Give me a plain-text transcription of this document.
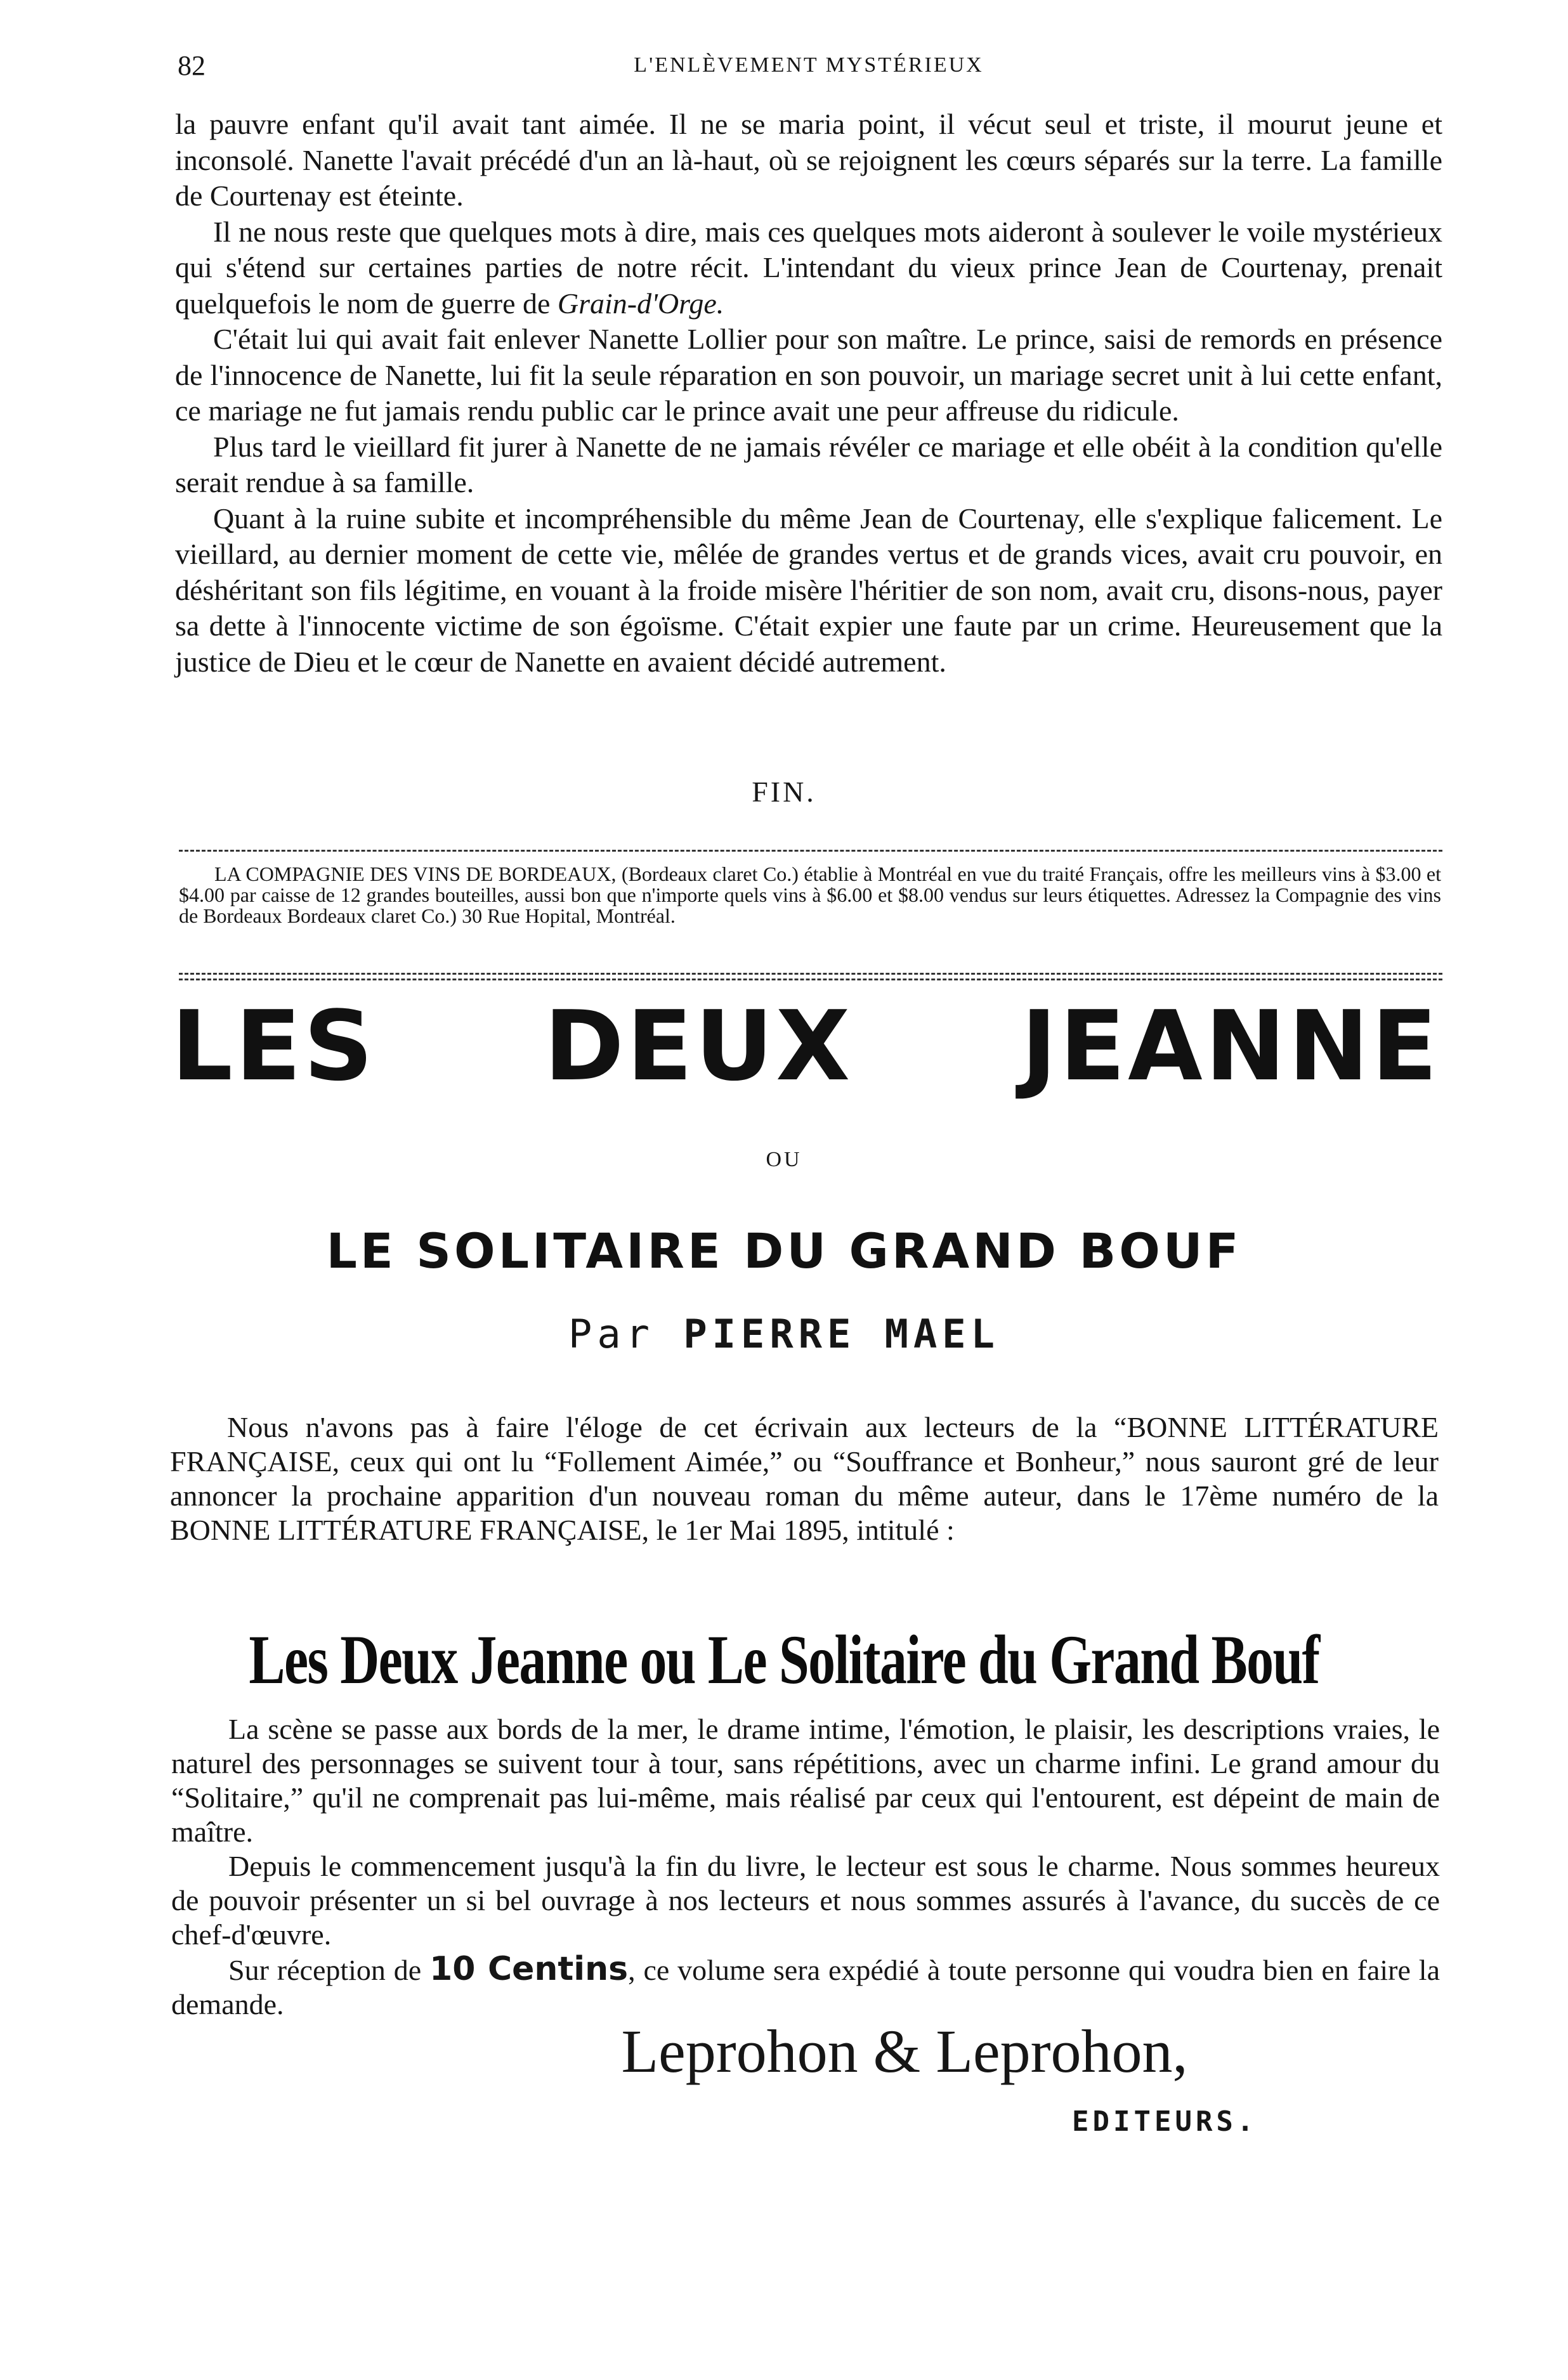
82	L'ENLÈVEMENT MYSTÉRIEUX

la pauvre enfant qu'il avait tant aimée. Il ne se maria point, il vécut seul et triste, il mourut jeune et inconsolé. Nanette l'avait précédé d'un an là-haut, où se rejoignent les cœurs séparés sur la terre. La famille de Courtenay est éteinte.

Il ne nous reste que quelques mots à dire, mais ces quelques mots aideront à soulever le voile mystérieux qui s'étend sur certaines parties de notre récit. L'intendant du vieux prince Jean de Courtenay, prenait quelquefois le nom de guerre de Grain-d'Orge.

C'était lui qui avait fait enlever Nanette Lollier pour son maître. Le prince, saisi de remords en présence de l'innocence de Nanette, lui fit la seule réparation en son pouvoir, un mariage secret unit à lui cette enfant, ce mariage ne fut jamais rendu public car le prince avait une peur affreuse du ridicule.

Plus tard le vieillard fit jurer à Nanette de ne jamais révéler ce mariage et elle obéit à la condition qu'elle serait rendue à sa famille.

Quant à la ruine subite et incompréhensible du même Jean de Courtenay, elle s'explique falicement. Le vieillard, au dernier moment de cette vie, mêlée de grandes vertus et de grands vices, avait cru pouvoir, en déshéritant son fils légitime, en vouant à la froide misère l'héritier de son nom, avait cru, disons-nous, payer sa dette à l'innocente victime de son égoïsme. C'était expier une faute par un crime. Heureusement que la justice de Dieu et le cœur de Nanette en avaient décidé autrement.

FIN.

LA COMPAGNIE DES VINS DE BORDEAUX, (Bordeaux claret Co.) établie à Montréal en vue du traité Français, offre les meilleurs vins à $3.00 et $4.00 par caisse de 12 grandes bouteilles, aussi bon que n'importe quels vins à $6.00 et $8.00 vendus sur leurs étiquettes. Adressez la Compagnie des vins de Bordeaux Bordeaux claret Co.) 30 Rue Hopital, Montréal.

LES DEUX JEANNE
OU
LE SOLITAIRE DU GRAND BOUF
Par PIERRE MAEL

Nous n'avons pas à faire l'éloge de cet écrivain aux lecteurs de la “BONNE LITTÉRATURE FRANÇAISE, ceux qui ont lu “Follement Aimée,” ou “Souffrance et Bonheur,” nous sauront gré de leur annoncer la prochaine apparition d'un nouveau roman du même auteur, dans le 17ème numéro de la BONNE LITTÉRATURE FRANÇAISE, le 1er Mai 1895, intitulé :

Les Deux Jeanne ou Le Solitaire du Grand Bouf

La scène se passe aux bords de la mer, le drame intime, l'émotion, le plaisir, les descriptions vraies, le naturel des personnages se suivent tour à tour, sans répétitions, avec un charme infini. Le grand amour du “Solitaire,” qu'il ne comprenait pas lui-même, mais réalisé par ceux qui l'entourent, est dépeint de main de maître.

Depuis le commencement jusqu'à la fin du livre, le lecteur est sous le charme. Nous sommes heureux de pouvoir présenter un si bel ouvrage à nos lecteurs et nous sommes assurés à l'avance, du succès de ce chef-d'œuvre.

Sur réception de 10 Centins, ce volume sera expédié à toute personne qui voudra bien en faire la demande.

Leprohon & Leprohon,
EDITEURS.
